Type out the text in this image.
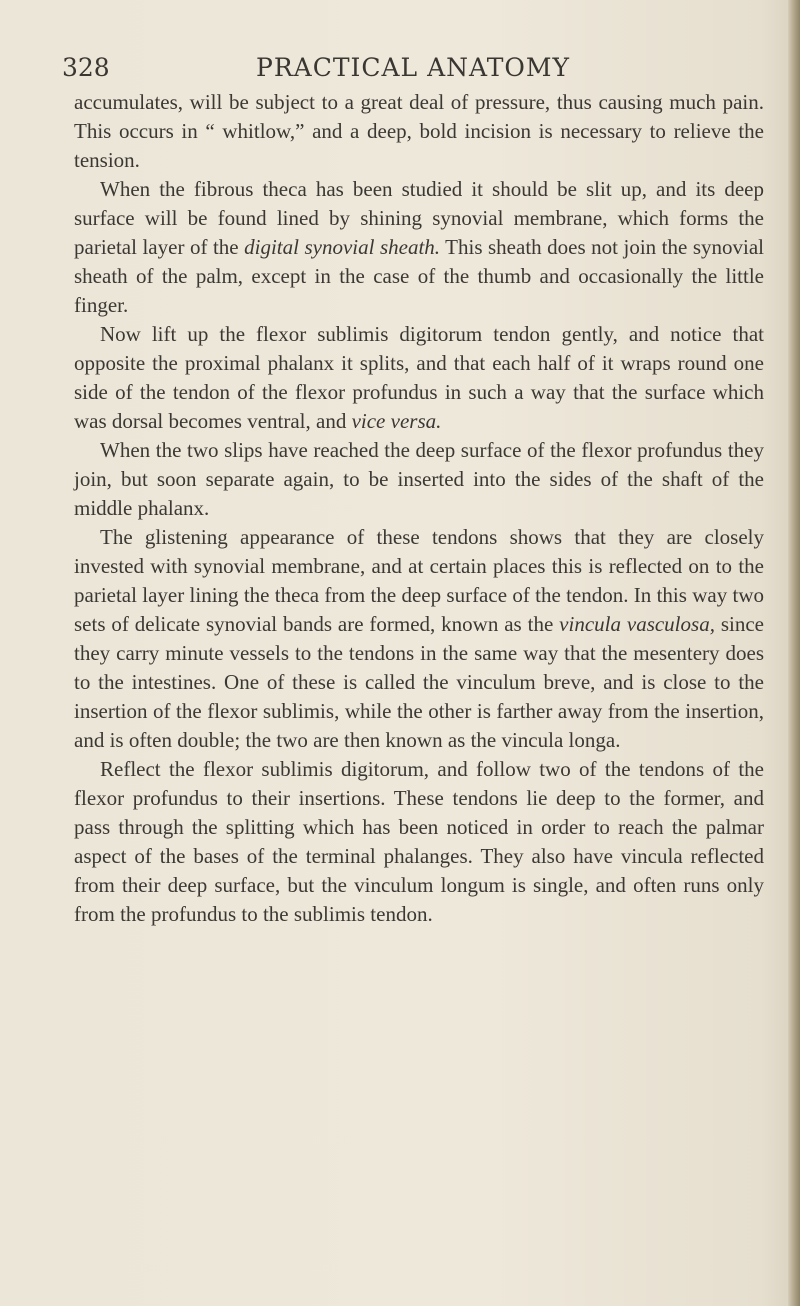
328	PRACTICAL ANATOMY

accumulates, will be subject to a great deal of pressure, thus causing much pain. This occurs in “ whitlow,” and a deep, bold incision is necessary to relieve the tension.

When the fibrous theca has been studied it should be slit up, and its deep surface will be found lined by shining synovial membrane, which forms the parietal layer of the digital synovial sheath. This sheath does not join the synovial sheath of the palm, except in the case of the thumb and occasionally the little finger.

Now lift up the flexor sublimis digitorum tendon gently, and notice that opposite the proximal phalanx it splits, and that each half of it wraps round one side of the tendon of the flexor profundus in such a way that the surface which was dorsal becomes ventral, and vice versa.

When the two slips have reached the deep surface of the flexor profundus they join, but soon separate again, to be inserted into the sides of the shaft of the middle phalanx.

The glistening appearance of these tendons shows that they are closely invested with synovial membrane, and at certain places this is reflected on to the parietal layer lining the theca from the deep surface of the tendon. In this way two sets of delicate synovial bands are formed, known as the vincula vasculosa, since they carry minute vessels to the tendons in the same way that the mesentery does to the intestines. One of these is called the vinculum breve, and is close to the insertion of the flexor sublimis, while the other is farther away from the insertion, and is often double; the two are then known as the vincula longa.

Reflect the flexor sublimis digitorum, and follow two of the tendons of the flexor profundus to their insertions. These tendons lie deep to the former, and pass through the splitting which has been noticed in order to reach the palmar aspect of the bases of the terminal phalanges. They also have vincula reflected from their deep surface, but the vinculum longum is single, and often runs only from the profundus to the sublimis tendon.
